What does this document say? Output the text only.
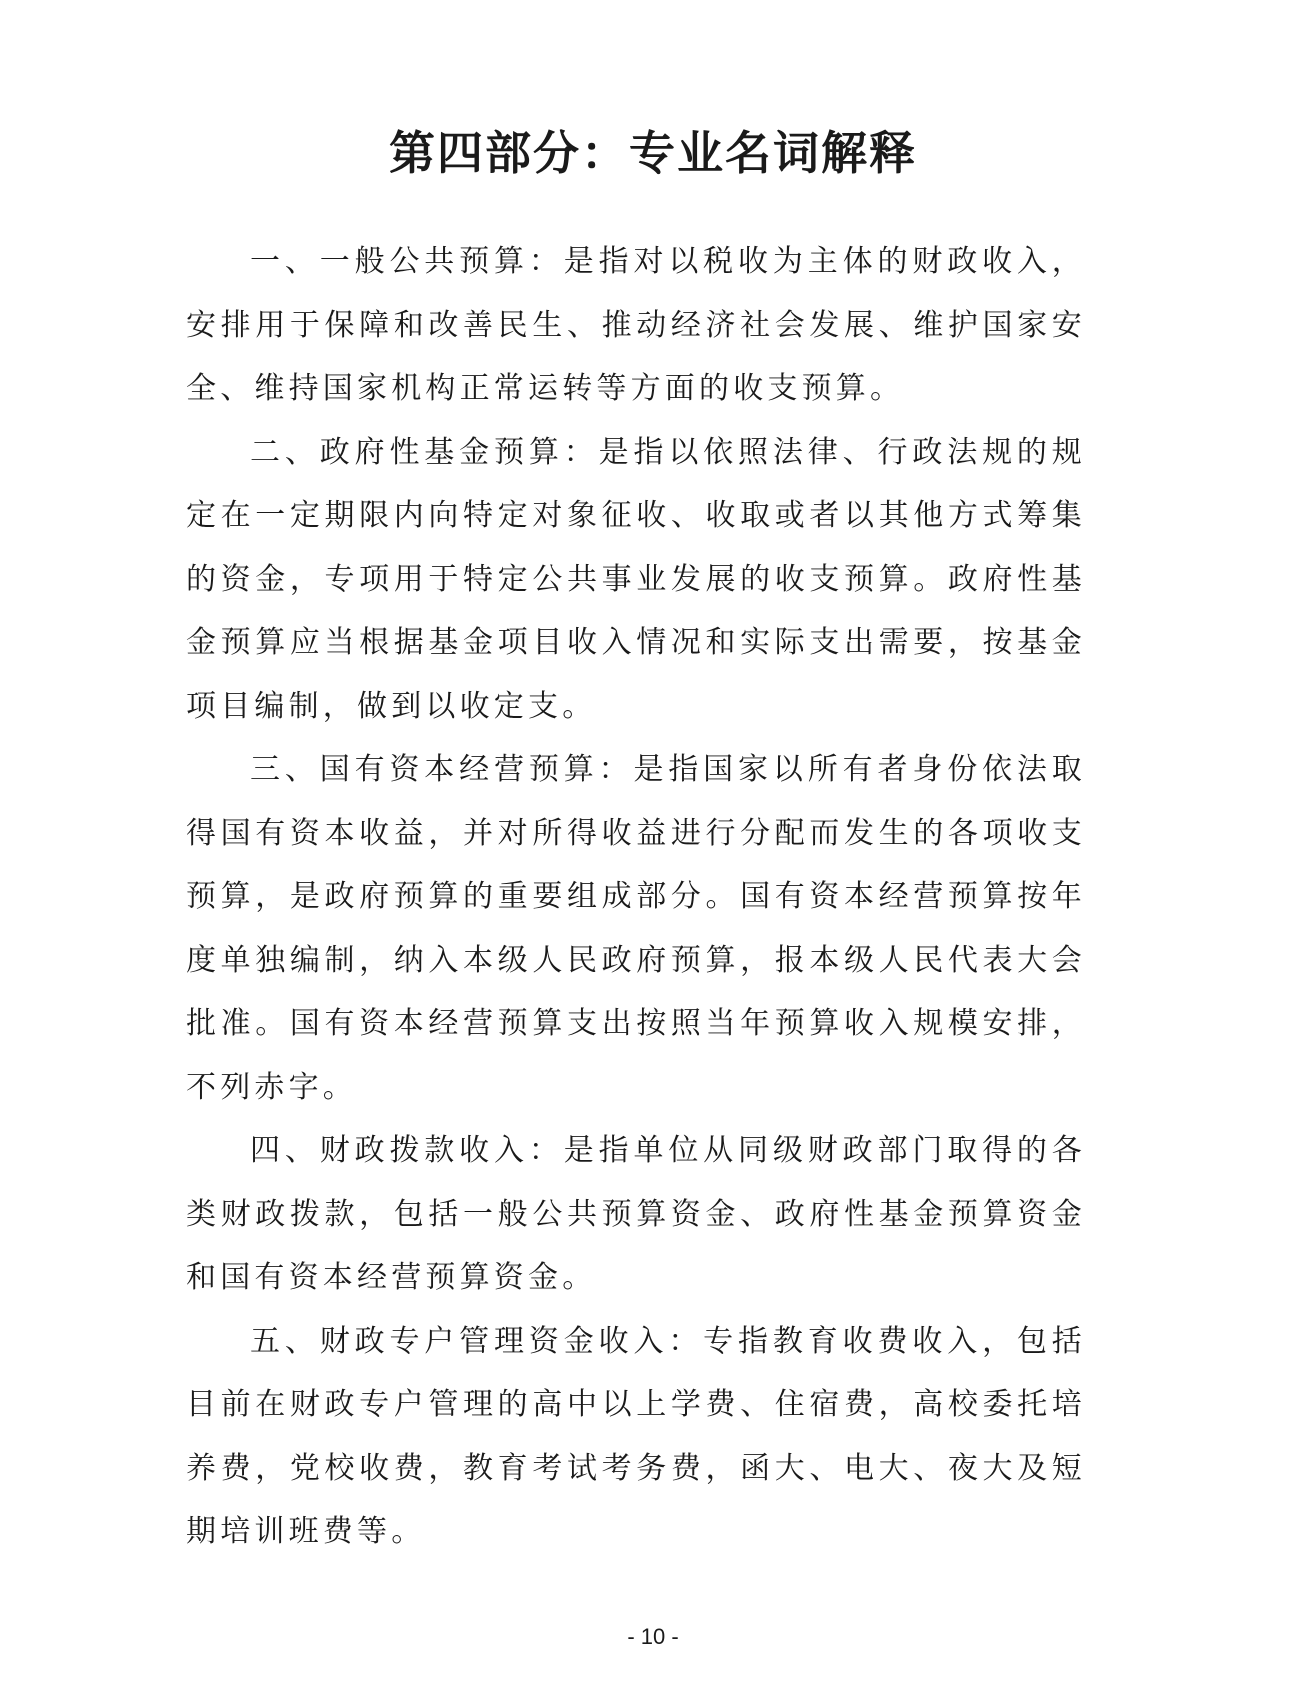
第四部分：专业名词解释

一、一般公共预算：是指对以税收为主体的财政收入，安排用于保障和改善民生、推动经济社会发展、维护国家安全、维持国家机构正常运转等方面的收支预算。

二、政府性基金预算：是指以依照法律、行政法规的规定在一定期限内向特定对象征收、收取或者以其他方式筹集的资金，专项用于特定公共事业发展的收支预算。政府性基金预算应当根据基金项目收入情况和实际支出需要，按基金项目编制，做到以收定支。

三、国有资本经营预算：是指国家以所有者身份依法取得国有资本收益，并对所得收益进行分配而发生的各项收支预算，是政府预算的重要组成部分。国有资本经营预算按年度单独编制，纳入本级人民政府预算，报本级人民代表大会批准。国有资本经营预算支出按照当年预算收入规模安排，不列赤字。

四、财政拨款收入：是指单位从同级财政部门取得的各类财政拨款，包括一般公共预算资金、政府性基金预算资金和国有资本经营预算资金。

五、财政专户管理资金收入：专指教育收费收入，包括目前在财政专户管理的高中以上学费、住宿费，高校委托培养费，党校收费，教育考试考务费，函大、电大、夜大及短期培训班费等。

- 10 -
